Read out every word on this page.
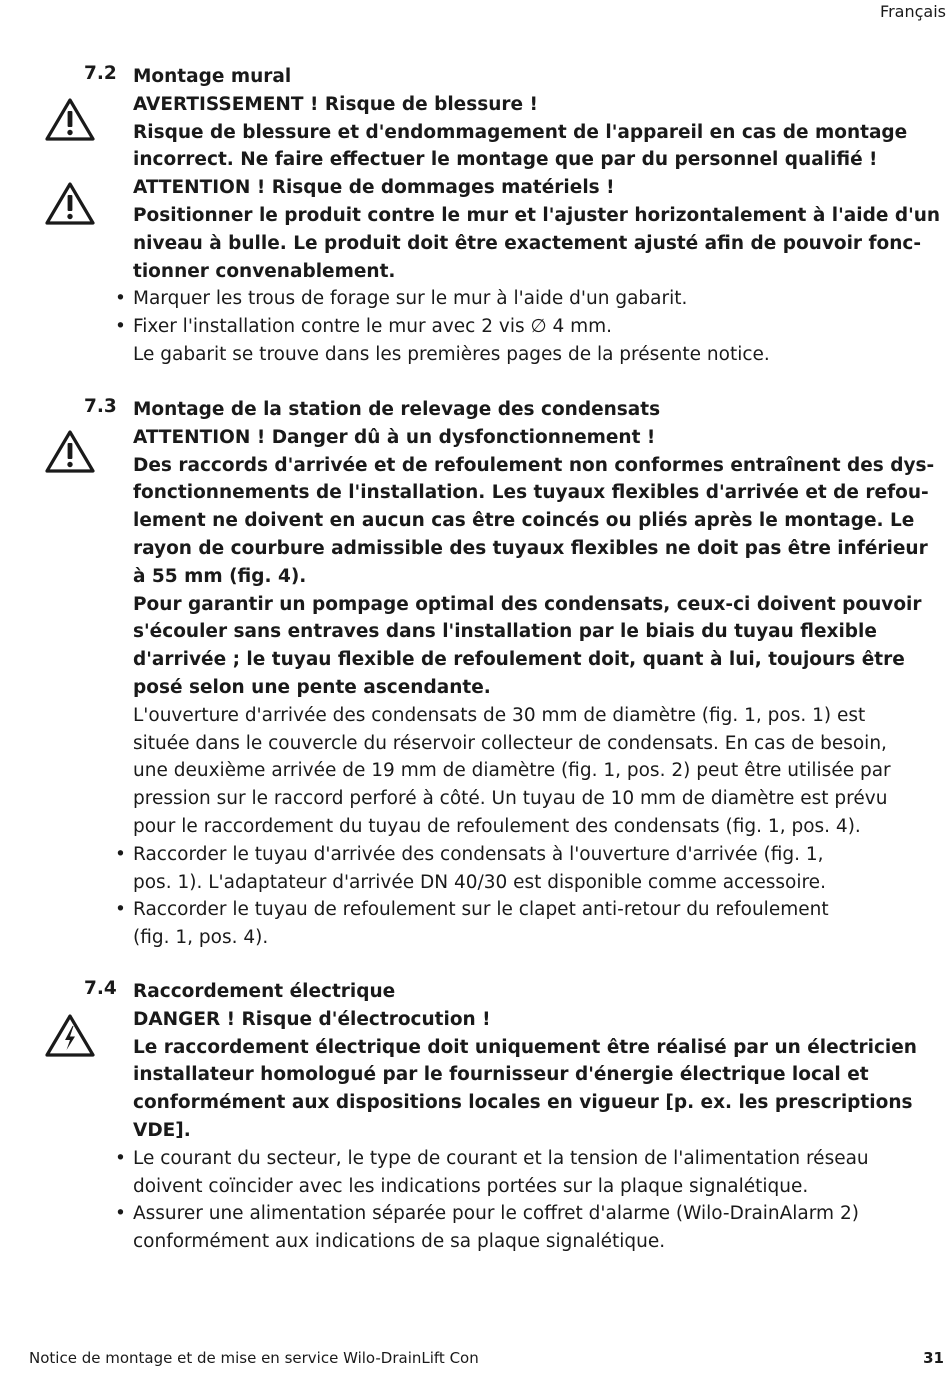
Français
7.2 Montage mural
AVERTISSEMENT ! Risque de blessure !
Risque de blessure et d'endommagement de l'appareil en cas de montage
incorrect. Ne faire effectuer le montage que par du personnel qualifié !
ATTENTION ! Risque de dommages matériels !
Positionner le produit contre le mur et l'ajuster horizontalement à l'aide d'un
niveau à bulle. Le produit doit être exactement ajusté afin de pouvoir fonc-
tionner convenablement.
• Marquer les trous de forage sur le mur à l'aide d'un gabarit.
• Fixer l'installation contre le mur avec 2 vis ∅ 4 mm.
Le gabarit se trouve dans les premières pages de la présente notice.
7.3 Montage de la station de relevage des condensats
ATTENTION ! Danger dû à un dysfonctionnement !
Des raccords d'arrivée et de refoulement non conformes entraînent des dys-
fonctionnements de l'installation. Les tuyaux flexibles d'arrivée et de refou-
lement ne doivent en aucun cas être coincés ou pliés après le montage. Le
rayon de courbure admissible des tuyaux flexibles ne doit pas être inférieur
à 55 mm (fig. 4).
Pour garantir un pompage optimal des condensats, ceux-ci doivent pouvoir
s'écouler sans entraves dans l'installation par le biais du tuyau flexible
d'arrivée ; le tuyau flexible de refoulement doit, quant à lui, toujours être
posé selon une pente ascendante.
L'ouverture d'arrivée des condensats de 30 mm de diamètre (fig. 1, pos. 1) est
située dans le couvercle du réservoir collecteur de condensats. En cas de besoin,
une deuxième arrivée de 19 mm de diamètre (fig. 1, pos. 2) peut être utilisée par
pression sur le raccord perforé à côté. Un tuyau de 10 mm de diamètre est prévu
pour le raccordement du tuyau de refoulement des condensats (fig. 1, pos. 4).
• Raccorder le tuyau d'arrivée des condensats à l'ouverture d'arrivée (fig. 1,
pos. 1). L'adaptateur d'arrivée DN 40/30 est disponible comme accessoire.
• Raccorder le tuyau de refoulement sur le clapet anti-retour du refoulement
(fig. 1, pos. 4).
7.4 Raccordement électrique
DANGER ! Risque d'électrocution !
Le raccordement électrique doit uniquement être réalisé par un électricien
installateur homologué par le fournisseur d'énergie électrique local et
conformément aux dispositions locales en vigueur [p. ex. les prescriptions
VDE].
• Le courant du secteur, le type de courant et la tension de l'alimentation réseau
doivent coïncider avec les indications portées sur la plaque signalétique.
• Assurer une alimentation séparée pour le coffret d'alarme (Wilo-DrainAlarm 2)
conformément aux indications de sa plaque signalétique.
Notice de montage et de mise en service Wilo-DrainLift Con	31
